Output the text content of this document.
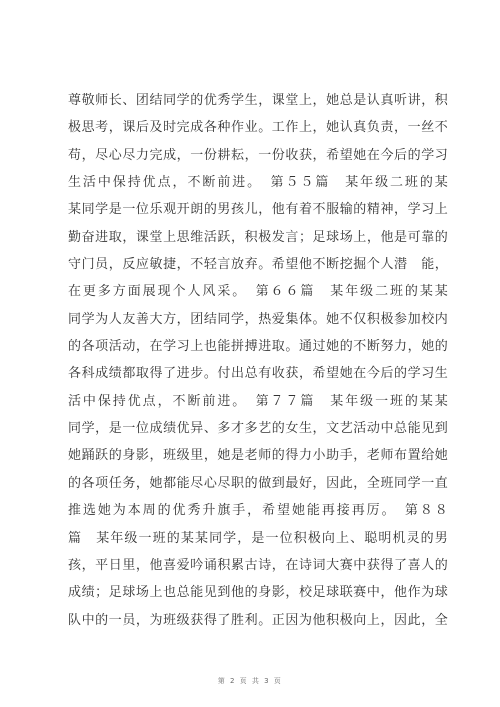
尊敬师长、团结同学的优秀学生，课堂上，她总是认真听讲，积
极思考，课后及时完成各种作业。工作上，她认真负责，一丝不
苟，尽心尽力完成，一份耕耘，一份收获，希望她在今后的学习
生活中保持优点，不断前进。　第５５篇　某年级二班的某
某同学是一位乐观开朗的男孩儿，他有着不服输的精神，学习上
勤奋进取，课堂上思维活跃，积极发言；足球场上，他是可靠的
守门员，反应敏捷，不轻言放弃。希望他不断挖掘个人潜　能，
在更多方面展现个人风采。　第６６篇　某年级二班的某某
同学为人友善大方，团结同学，热爱集体。她不仅积极参加校内
的各项活动，在学习上也能拼搏进取。通过她的不断努力，她的
各科成绩都取得了进步。付出总有收获，希望她在今后的学习生
活中保持优点，不断前进。　第７７篇　某年级一班的某某
同学，是一位成绩优异、多才多艺的女生，文艺活动中总能见到
她踊跃的身影，班级里，她是老师的得力小助手，老师布置给她
的各项任务，她都能尽心尽职的做到最好，因此，全班同学一直
推选她为本周的优秀升旗手，希望她能再接再厉。　第８８
篇　某年级一班的某某同学，是一位积极向上、聪明机灵的男
孩，平日里，他喜爱吟诵积累古诗，在诗词大赛中获得了喜人的
成绩；足球场上也总能见到他的身影，校足球联赛中，他作为球
队中的一员，为班级获得了胜利。正因为他积极向上，因此，全
第 2 页 共 3 页
